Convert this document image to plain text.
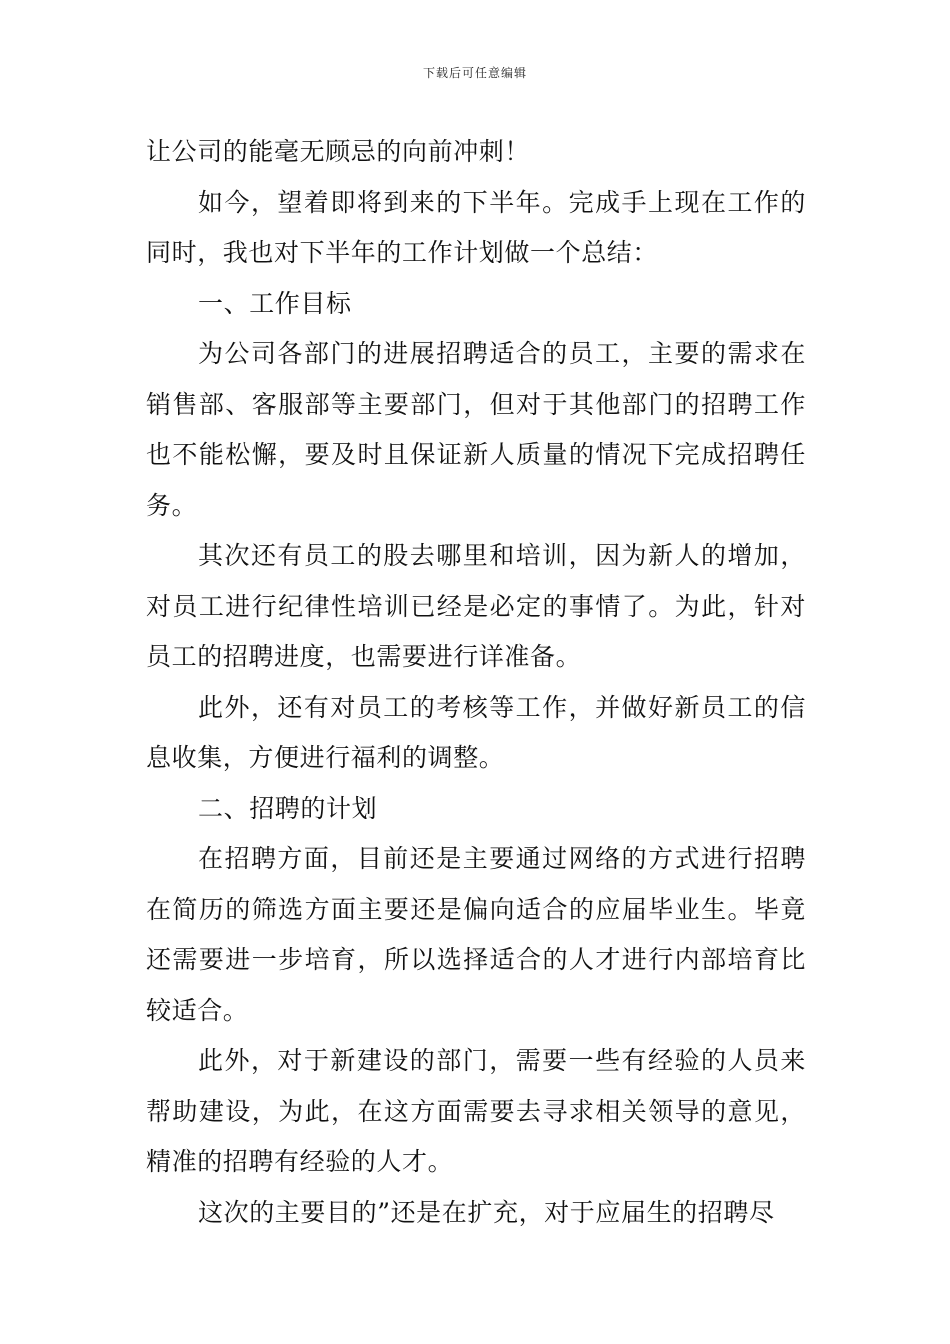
下载后可任意编辑

让公司的能毫无顾忌的向前冲刺！

如今，望着即将到来的下半年。完成手上现在工作的同时，我也对下半年的工作计划做一个总结：

一、工作目标

为公司各部门的进展招聘适合的员工，主要的需求在销售部、客服部等主要部门，但对于其他部门的招聘工作也不能松懈，要及时且保证新人质量的情况下完成招聘任务。

其次还有员工的股去哪里和培训，因为新人的增加，对员工进行纪律性培训已经是必定的事情了。为此，针对员工的招聘进度，也需要进行详准备。

此外，还有对员工的考核等工作，并做好新员工的信息收集，方便进行福利的调整。

二、招聘的计划

在招聘方面，目前还是主要通过网络的方式进行招聘在简历的筛选方面主要还是偏向适合的应届毕业生。毕竟还需要进一步培育，所以选择适合的人才进行内部培育比较适合。

此外，对于新建设的部门，需要一些有经验的人员来帮助建设，为此，在这方面需要去寻求相关领导的意见，精准的招聘有经验的人才。

这次的主要目的”还是在扩充，对于应届生的招聘尽
